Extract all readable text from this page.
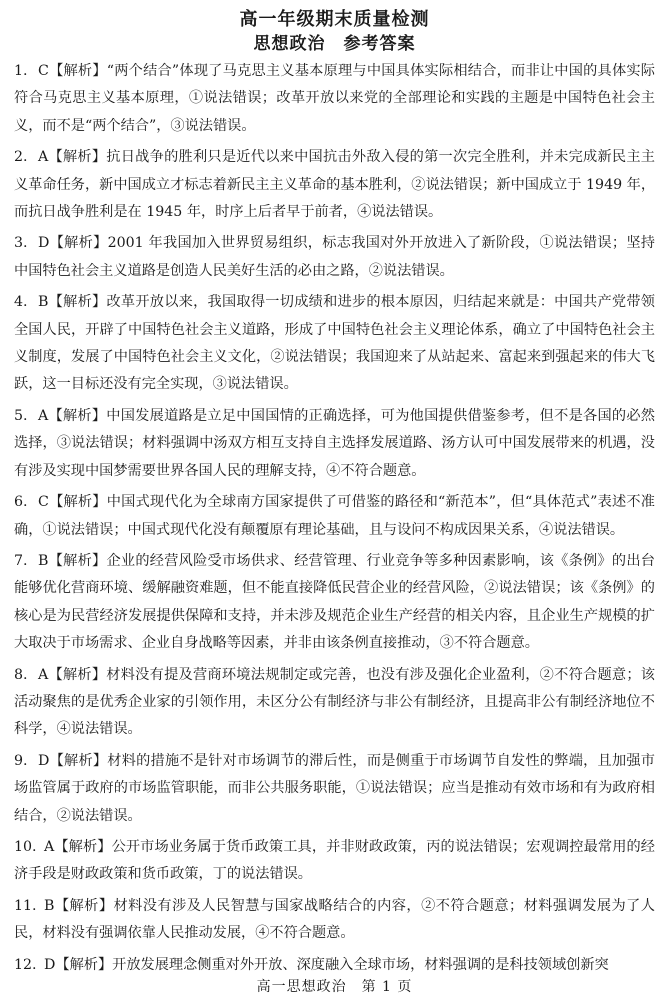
高一年级期末质量检测
思想政治　参考答案
1. C【解析】“两个结合”体现了马克思主义基本原理与中国具体实际相结合，而非让中国的具体实际符合马克思主义基本原理，①说法错误；改革开放以来党的全部理论和实践的主题是中国特色社会主义，而不是“两个结合”，③说法错误。
2. A【解析】抗日战争的胜利只是近代以来中国抗击外敌入侵的第一次完全胜利，并未完成新民主主义革命任务，新中国成立才标志着新民主主义革命的基本胜利，②说法错误；新中国成立于 1949 年，而抗日战争胜利是在 1945 年，时序上后者早于前者，④说法错误。
3. D【解析】2001 年我国加入世界贸易组织，标志我国对外开放进入了新阶段，①说法错误；坚持中国特色社会主义道路是创造人民美好生活的必由之路，②说法错误。
4. B【解析】改革开放以来，我国取得一切成绩和进步的根本原因，归结起来就是：中国共产党带领全国人民，开辟了中国特色社会主义道路，形成了中国特色社会主义理论体系，确立了中国特色社会主义制度，发展了中国特色社会主义文化，②说法错误；我国迎来了从站起来、富起来到强起来的伟大飞跃，这一目标还没有完全实现，③说法错误。
5. A【解析】中国发展道路是立足中国国情的正确选择，可为他国提供借鉴参考，但不是各国的必然选择，③说法错误；材料强调中汤双方相互支持自主选择发展道路、汤方认可中国发展带来的机遇，没有涉及实现中国梦需要世界各国人民的理解支持，④不符合题意。
6. C【解析】中国式现代化为全球南方国家提供了可借鉴的路径和“新范本”，但“具体范式”表述不准确，①说法错误；中国式现代化没有颠覆原有理论基础，且与设问不构成因果关系，④说法错误。
7. B【解析】企业的经营风险受市场供求、经营管理、行业竞争等多种因素影响，该《条例》的出台能够优化营商环境、缓解融资难题，但不能直接降低民营企业的经营风险，②说法错误；该《条例》的核心是为民营经济发展提供保障和支持，并未涉及规范企业生产经营的相关内容，且企业生产规模的扩大取决于市场需求、企业自身战略等因素，并非由该条例直接推动，③不符合题意。
8. A【解析】材料没有提及营商环境法规制定或完善，也没有涉及强化企业盈利，②不符合题意；该活动聚焦的是优秀企业家的引领作用，未区分公有制经济与非公有制经济，且提高非公有制经济地位不科学，④说法错误。
9. D【解析】材料的措施不是针对市场调节的滞后性，而是侧重于市场调节自发性的弊端，且加强市场监管属于政府的市场监管职能，而非公共服务职能，①说法错误；应当是推动有效市场和有为政府相结合，②说法错误。
10. A【解析】公开市场业务属于货币政策工具，并非财政政策，丙的说法错误；宏观调控最常用的经济手段是财政政策和货币政策，丁的说法错误。
11. B【解析】材料没有涉及人民智慧与国家战略结合的内容，②不符合题意；材料强调发展为了人民，材料没有强调依靠人民推动发展，④不符合题意。
12. D【解析】开放发展理念侧重对外开放、深度融入全球市场，材料强调的是科技领域创新突
高一思想政治　第 1 页
